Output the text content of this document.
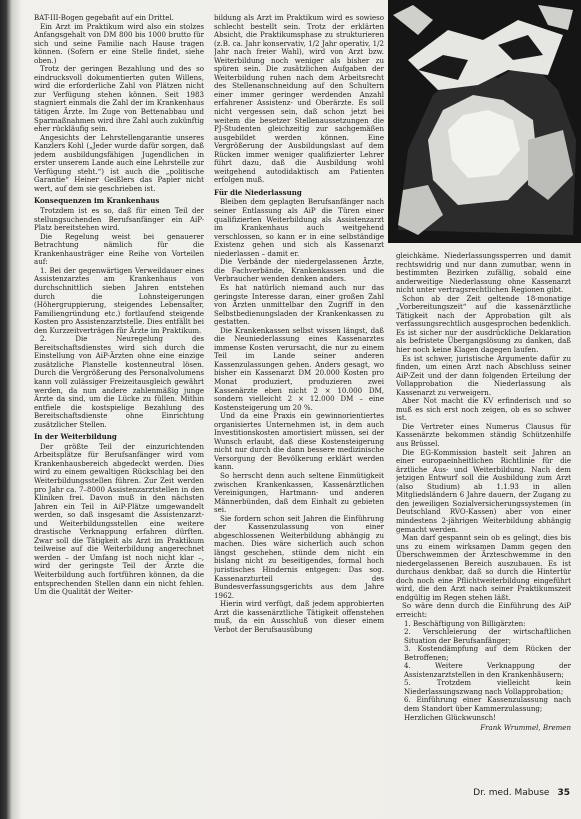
BAT-III-Bogen gegebafit auf ein Drittel.

Ein Arzt im Praktikum wird also ein stolzes Anfangsgehalt von DM 800 bis 1000 brutto für sich und seine Familie nach Hause tragen können. (Sofern er eine Stelle findet, siehe oben.)

Trotz der geringen Bezahlung und des so eindrucksvoll dokumentierten guten Willens, wird die erforderliche Zahl von Plätzen nicht zur Verfügung stehen können. Seit 1983 stagniert einmals die Zahl der im Krankenhaus tätigen Ärzte. Im Zuge von Bettenabbau und Sparmaßnahmen wird ihre Zahl auch zukünftig eher rückläufig sein.

Angesichts der Lehrstellengarantie unseres Kanzlers Kohl („Jeder wurde dafür sorgen, daß jedem ausbildungsfähigen Jugendlichen in erster unserem Lande auch eine Lehrstelle zur Verfügung steht.“) ist auch die „politische Garantie“ Heiner Geißlers das Papier nicht wert, auf dem sie geschrieben ist.

Konsequenzen im Krankenhaus

Trotzdem ist es so, daß für einen Teil der stellungsuchenden Berufsanfänger ein AiP-Platz bereitstehen wird.

Die Regelung weist bei genauerer Betrachtung nämlich für die Krankenhausträger eine Reihe von Vorteilen auf:

1. Bei der gegenwärtigen Verweildauer eines Assistenzarztes am Krankenhaus von durchschnittlich sieben Jahren entstehen durch die Lohnsteigerungen (Höhergruppierung, steigendes Lebensalter, Familiengründung etc.) fortlaufend steigende Kosten pro Assistenzarztstelle. Dies entfällt bei den Kurzzeitverträgen für Ärzte im Praktikum.

2. Die Neuregelung des Bereitschaftsdienstes wird sich durch die Einstellung von AiP-Ärzten ohne eine einzige zusätzliche Planstelle kostenneutral lösen. Durch die Vergrößerung des Personalvolumens kann voll zulässiger Freizeitausgleich gewährt werden, da nun andere zahlenmäßig junge Ärzte da sind, um die Lücke zu füllen. Mithin entfiele die kostspielige Bezahlung des Bereitschaftsdienste ohne Einrichtung zusätzlicher Stellen.

In der Weiterbildung

Der größte Teil der einzurichtenden Arbeitsplätze für Berufsanfänger wird vom Krankenhausbereich abgedeckt werden. Dies wird zu einem gewaltigen Rückschlag bei den Weiterbildungsstellen führen. Zur Zeit werden pro Jahr ca. 7–8000 Assistenzarztstellen in den Kliniken frei. Davon muß in den nächsten Jahren ein Teil in AiP-Plätze umgewandelt werden, so daß insgesamt die Assistenzarzt- und Weiterbildungsstellen eine weitere drastische Verknappung erfahren dürften. Zwar soll die Tätigkeit als Arzt im Praktikum teilweise auf die Weiterbildung angerechnet werden – der Umfang ist noch nicht klar –, wird der geringste Teil der Ärzte die Weiterbildung auch fortführen können, da die entsprechenden Stellen dann ein nicht fehlen. Um die Qualität der Weiter-

bildung als Arzt im Praktikum wird es sowieso schlecht bestellt sein. Trotz der erklärten Absicht, die Praktikumsphase zu strukturieren (z.B. ca. Jahr konservativ, 1/2 Jahr operativ, 1/2 Jahr nach freier Wahl), wird von Arzt bzw. Weiterbildung noch weniger als bisher zu spüren sein. Die zusätzlichen Aufgaben der Weiterbildung ruhen nach dem Arbeitsrecht des Stellenanschneidung auf den Schultern einer immer geringer werdenden Anzahl erfahrener Assistenz- und Oberärzte. Es soll nicht vergessen sein, daß schon jetzt bei weitem die besetzer Stellenaussetzungen die PJ-Studenten gleichzeitig zur sachgemäßen ausgebildet werden können. Eine Vergrößerung der Ausbildungslast auf dem Rücken immer weniger qualifizierter Lehrer führt dazu, daß die Ausbildung wohl weitgehend autodidaktisch am Patienten erfolgen muß.

Für die Niederlassung

Bleiben dem geplagten Berufsanfänger nach seiner Entlassung als AiP die Türen einer qualifizierten Weiterbildung als Assistenzarzt im Krankenhaus auch weitgehend verschlossen, so kann er in eine selbständige Existenz gehen und sich als Kassenarzt niederlassen – damit er.

Die Verbände der niedergelassenen Ärzte, die Fachverbände, Krankenkassen und die Verbraucher wenden denken anders.

Es hat natürlich niemand auch nur das geringste Interesse daran, einer großen Zahl von Ärzten unmittelbar den Zugriff in den Selbstbedienungsladen der Krankenkassen zu gestatten.

Die Krankenkassen selbst wissen längst, daß die Neuniederlassung eines Kassenarztes immense Kosten verursacht, die nur zu einem Teil im Lande seiner anderen Kassenzulassungen gehen. Anders gesagt, wo bisher ein Kassenarzt DM 20.000 Kosten pro Monat produziert, produzieren zwei Kassenärzte eben nicht 2 × 10.000 DM, sondern vielleicht 2 × 12.000 DM – eine Kostensteigerung um 20 %.

Und da eine Praxis ein gewinnorientiertes organisiertes Unternehmen ist, in dem auch Investitionskosten amortisiert müssen, sei der Wunsch erlaubt, daß diese Kostensteigerung nicht nur durch die dann bessere medizinische Versorgung der Bevölkerung erklärt werden kann.

So herrscht denn auch seltene Einmütigkeit zwischen Krankenkassen, Kassenärztlichen Vereinigungen, Hartmann- und anderen Männerbünden, daß dem Einhalt zu gebieten sei.

Sie fordern schon seit Jahren die Einführung der Kassenzulassung von einer abgeschlossenen Weiterbildung abhängig zu machen. Dies wäre sicherlich auch schon längst geschehen, stünde dem nicht ein bislang nicht zu beseitigendes, formal hoch juristisches Hindernis entgegen: Das sog. Kassenarzturteil des Bundesverfassungsgerichts aus dem Jahre 1962.

Hierin wird verfügt, daß jedem approbierten Arzt die kassenärztliche Tätigkeit offenstehen muß, da ein Ausschluß von dieser einem Verbot der Berufsausübung

gleichkäme. Niederlassungssperren und damit rechtswidrig und nur dann zumutbar, wenn in bestimmten Bezirken zufällig, sobald eine anderweitige Niederlassung ohne Kassenarzt nicht unter vertragsrechtlichen Regionen gibt.

Schon ab der Zeit geltende 18-monatige „Vorbereitungszeit“ auf die kassenärztliche Tätigkeit nach der Approbation gilt als verfassungsrechtlich ausgesprochen bedenklich. Es ist sicher nur der ausdrückliche Deklaration als befristete Übergangslösung zu danken, daß hier noch keine Klagen dagegen laufen.

Es ist schwer, juristische Argumente dafür zu finden, um einen Arzt nach Abschluss seiner AiP-Zeit und der dann folgenden Erteilung der Vollapprobation die Niederlassung als Kassenarzt zu verweigern.

Aber Not macht die KV erfinderisch und so muß es sich erst noch zeigen, ob es so schwer ist.

Die Vertreter eines Numerus Clausus für Kassenärzte bekommen ständig Schützenhilfe aus Brüssel.

Die EG-Kommission bastelt seit Jahren an einer europaeinheitlichen Richtlinie für die ärztliche Aus- und Weiterbildung. Nach dem jetzigen Entwurf soll die Ausbildung zum Arzt (also Studium) ab 1.1.93 in allen Mitgliedsländern 6 Jahre dauern, der Zugang zu den jeweiligen Sozialversicherungssystemen (in Deutschland RVO-Kassen) aber von einer mindestens 2-jährigen Weiterbildung abhängig gemacht werden.

Man darf gespannt sein ob es gelingt, dies bis uns zu einem wirksamen Damm gegen den Überschwemmen der Ärzteschwemme in den niedergelassenen Bereich auszubauen. Es ist durchaus denkbar, daß so durch die Hintertür doch noch eine Pflichtweiterbildung eingeführt wird, die den Arzt nach seiner Praktikumszeit endgültig im Regen stehen läßt.

So wäre denn durch die Einführung des AiP erreicht:

1. Beschäftigung von Billigärzten:

2. Verschleierung der wirtschaftlichen Situation der Berufsanfänger;

3. Kostendämpfung auf dem Rücken der Betroffenen;

4. Weitere Verknappung der Assistenzarztstellen in den Krankenhäusern;

5. Trotzdem vielleicht kein Niederlassungszwang nach Vollapprobation;

6. Einführung einer Kassenzulassung nach dem Standort über Kammerzulassung;

Herzlichen Glückwunsch!

Frank Wrummel, Bremen

Dr. med. Mabuse 35
